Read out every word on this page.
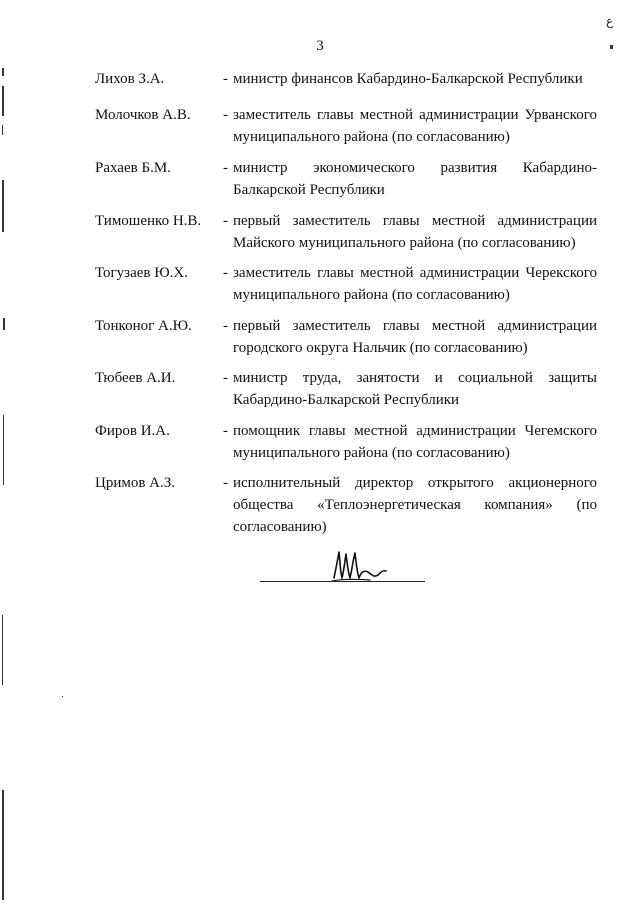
3
ع
Лихов З.А.	- министр финансов Кабардино-Балкарской Республики
Молочков А.В.	- заместитель главы местной администрации Урванского муниципального района (по согласованию)
Рахаев Б.М.	- министр экономического развития Кабардино-Балкарской Республики
Тимошенко Н.В.	- первый заместитель главы местной администрации Майского муниципального района (по согласованию)
Тогузаев Ю.Х.	- заместитель главы местной администрации Черекского муниципального района (по согласованию)
Тонконог А.Ю.	- первый заместитель главы местной администрации городского округа Нальчик (по согласованию)
Тюбеев А.И.	- министр труда, занятости и социальной защиты Кабардино-Балкарской Республики
Фиров И.А.	- помощник главы местной администрации Чегемского муниципального района (по согласованию)
Цримов А.З.	- исполнительный директор открытого акционерного общества «Теплоэнергетическая компания» (по согласованию)
